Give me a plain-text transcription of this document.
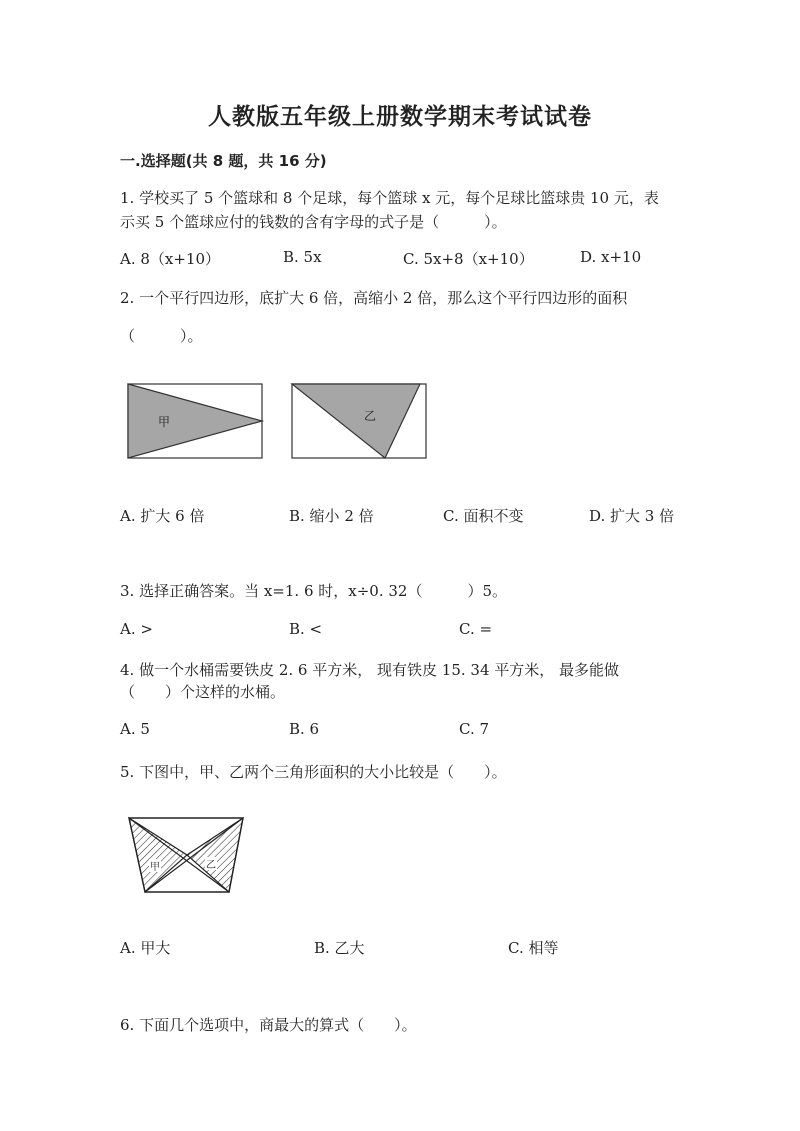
人教版五年级上册数学期末考试试卷
一.选择题(共 8 题，共 16 分)
1. 学校买了 5 个篮球和 8 个足球，每个篮球 x 元，每个足球比篮球贵 10 元，表
示买 5 个篮球应付的钱数的含有字母的式子是（　　　）。
A. 8（x+10）	B. 5x	C. 5x+8（x+10）	D. x+10
2. 一个平行四边形，底扩大 6 倍，高缩小 2 倍，那么这个平行四边形的面积
（　　　）。
甲	乙
A. 扩大 6 倍	B. 缩小 2 倍	C. 面积不变	D. 扩大 3 倍
3. 选择正确答案。当 x=1. 6 时，x÷0. 32（　　　）5。
A. >	B. <	C. =
4. 做一个水桶需要铁皮 2. 6 平方米， 现有铁皮 15. 34 平方米， 最多能做
（　　）个这样的水桶。
A. 5	B. 6	C. 7
5. 下图中，甲、乙两个三角形面积的大小比较是（　　）。
甲	乙
A. 甲大	B. 乙大	C. 相等
6. 下面几个选项中，商最大的算式（　　）。
